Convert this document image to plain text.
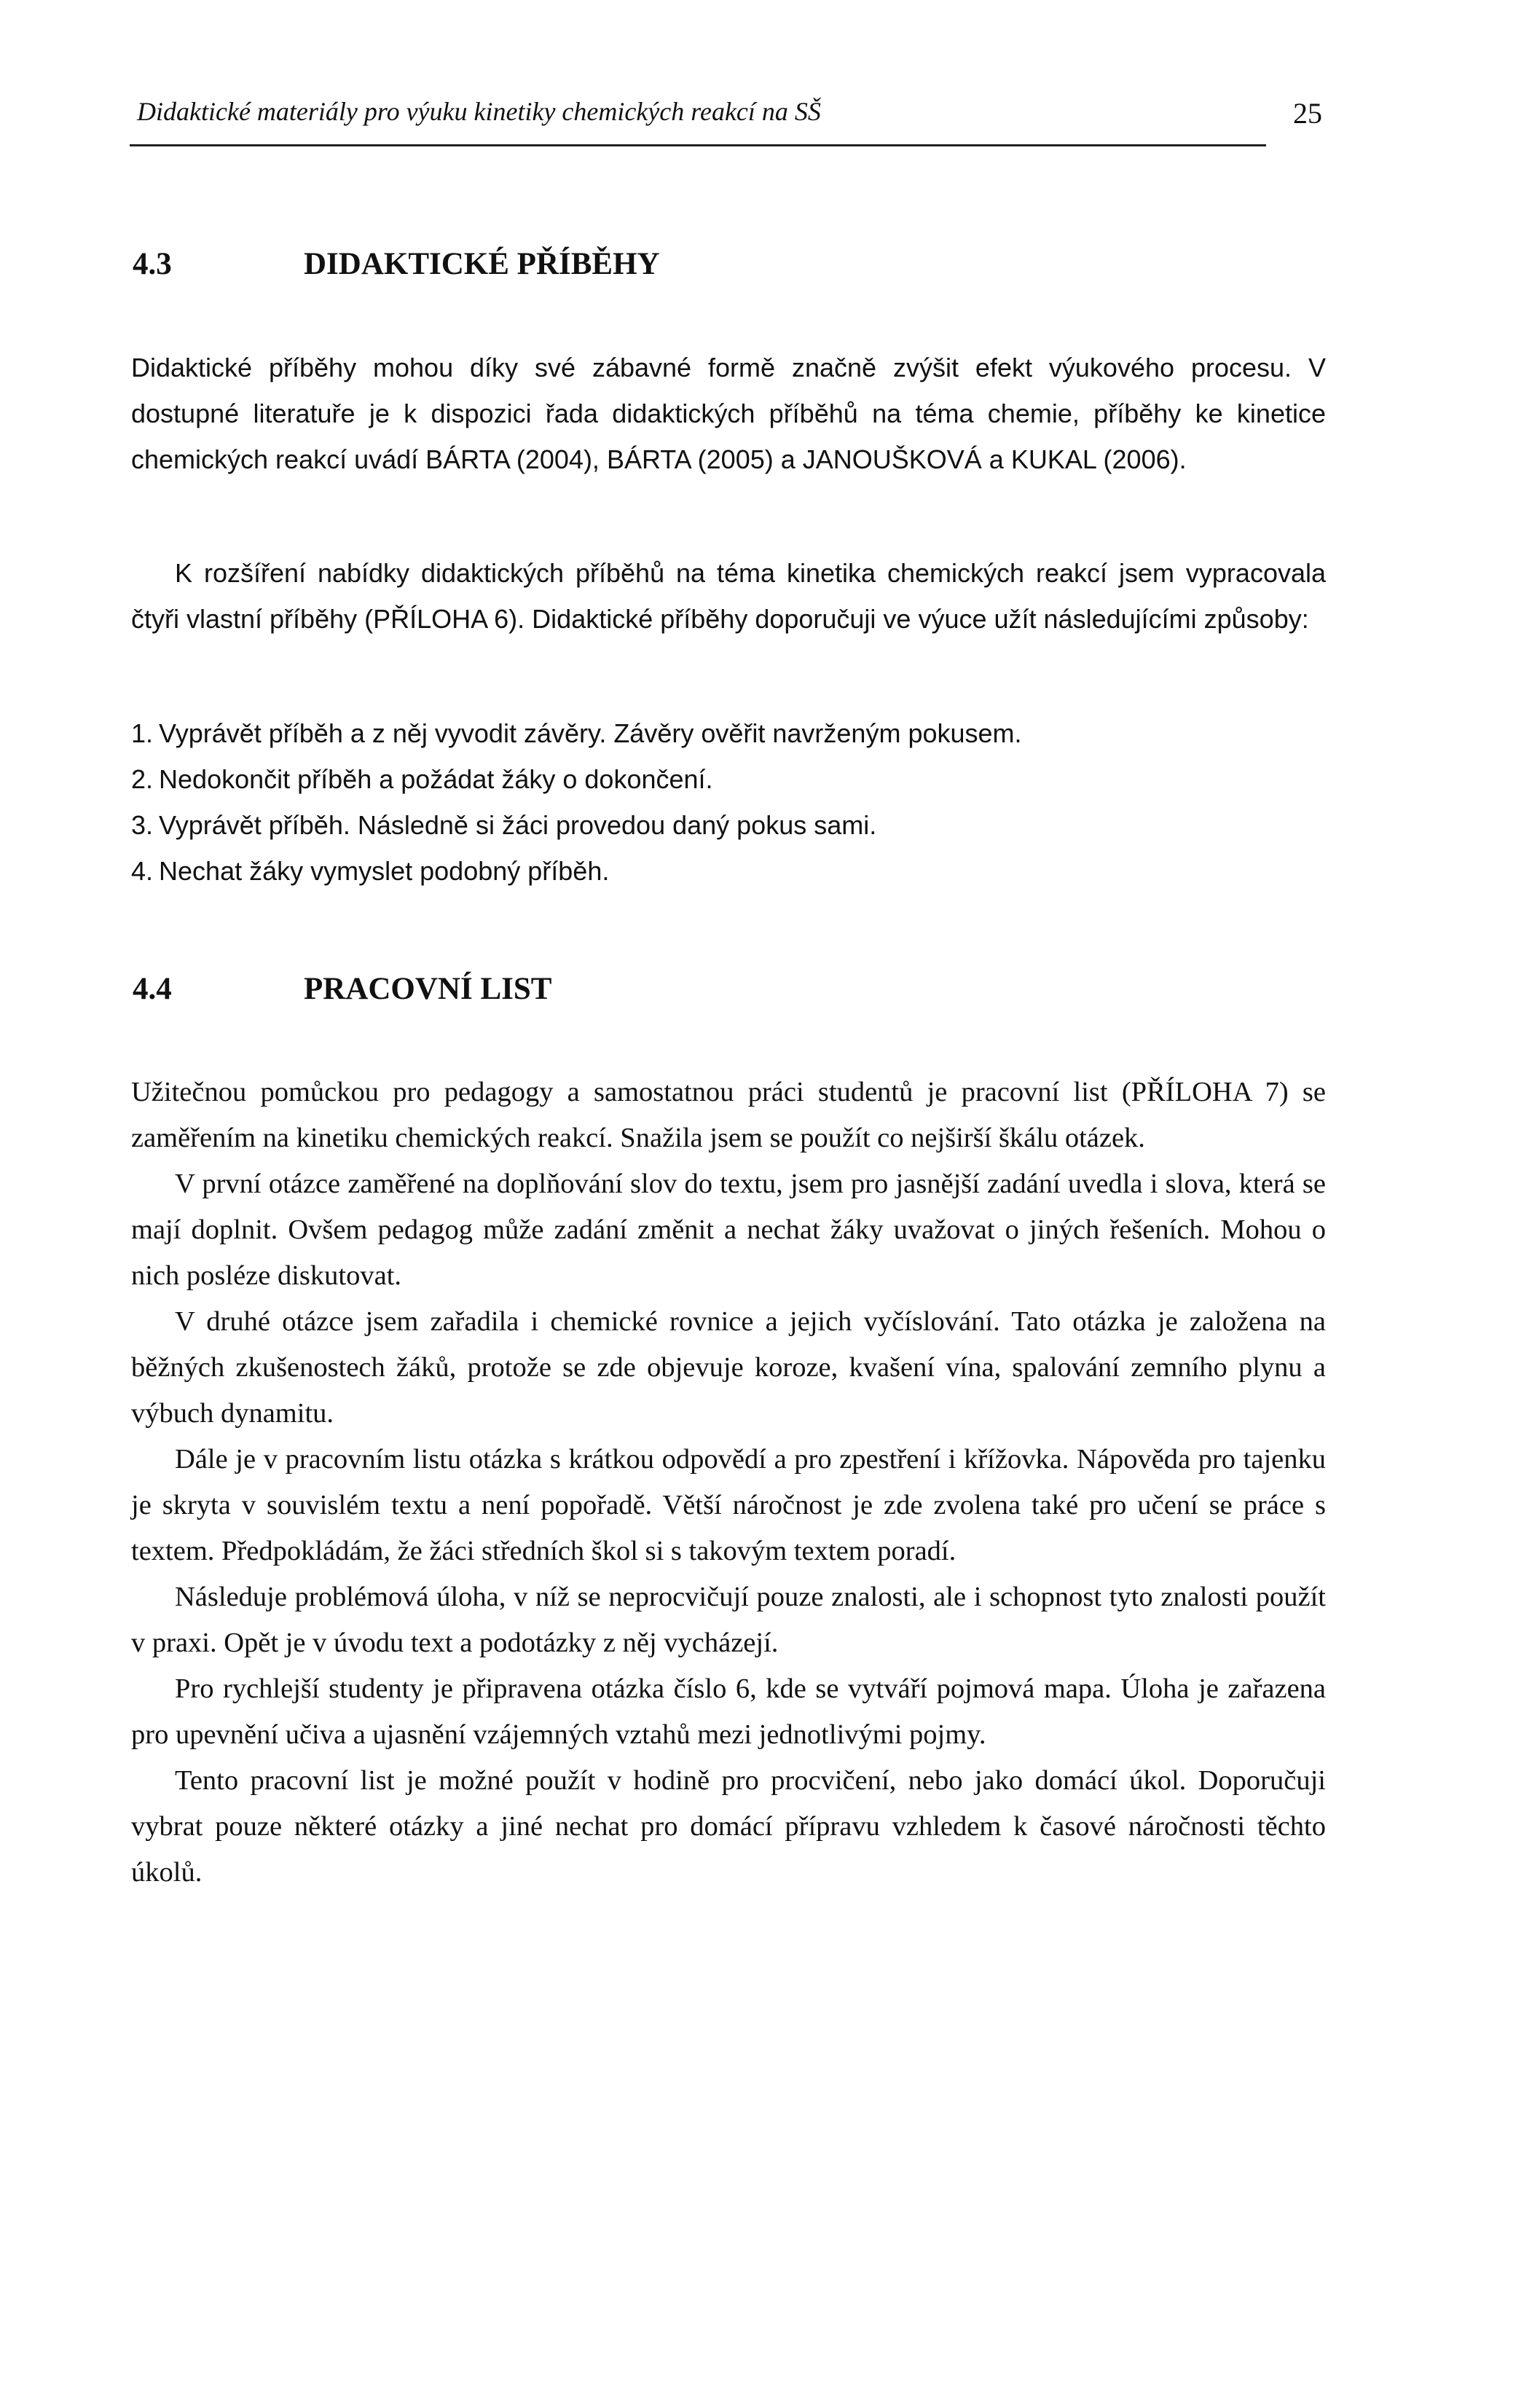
Didaktické materiály pro výuku kinetiky chemických reakcí na SŠ	25
4.3	DIDAKTICKÉ PŘÍBĚHY

Didaktické příběhy mohou díky své zábavné formě značně zvýšit efekt výukového procesu. V dostupné literatuře je k dispozici řada didaktických příběhů na téma chemie, příběhy ke kinetice chemických reakcí uvádí BÁRTA (2004), BÁRTA (2005) a JANOUŠKOVÁ a KUKAL (2006).

K rozšíření nabídky didaktických příběhů na téma kinetika chemických reakcí jsem vypracovala čtyři vlastní příběhy (PŘÍLOHA 6). Didaktické příběhy doporučuji ve výuce užít následujícími způsoby:

1. Vyprávět příběh a z něj vyvodit závěry. Závěry ověřit navrženým pokusem.
2. Nedokončit příběh a požádat žáky o dokončení.
3. Vyprávět příběh. Následně si žáci provedou daný pokus sami.
4. Nechat žáky vymyslet podobný příběh.
4.4	PRACOVNÍ LIST

Užitečnou pomůckou pro pedagogy a samostatnou práci studentů je pracovní list (PŘÍLOHA 7) se zaměřením na kinetiku chemických reakcí. Snažila jsem se použít co nejširší škálu otázek.

V první otázce zaměřené na doplňování slov do textu, jsem pro jasnější zadání uvedla i slova, která se mají doplnit. Ovšem pedagog může zadání změnit a nechat žáky uvažovat o jiných řešeních. Mohou o nich posléze diskutovat.

V druhé otázce jsem zařadila i chemické rovnice a jejich vyčíslování. Tato otázka je založena na běžných zkušenostech žáků, protože se zde objevuje koroze, kvašení vína, spalování zemního plynu a výbuch dynamitu.

Dále je v pracovním listu otázka s krátkou odpovědí a pro zpestření i křížovka. Nápověda pro tajenku je skryta v souvislém textu a není popořadě. Větší náročnost je zde zvolena také pro učení se práce s textem. Předpokládám, že žáci středních škol si s takovým textem poradí.

Následuje problémová úloha, v níž se neprocvičují pouze znalosti, ale i schopnost tyto znalosti použít v praxi. Opět je v úvodu text a podotázky z něj vycházejí.

Pro rychlejší studenty je připravena otázka číslo 6, kde se vytváří pojmová mapa. Úloha je zařazena pro upevnění učiva a ujasnění vzájemných vztahů mezi jednotlivými pojmy.

Tento pracovní list je možné použít v hodině pro procvičení, nebo jako domácí úkol. Doporučuji vybrat pouze některé otázky a jiné nechat pro domácí přípravu vzhledem k časové náročnosti těchto úkolů.
